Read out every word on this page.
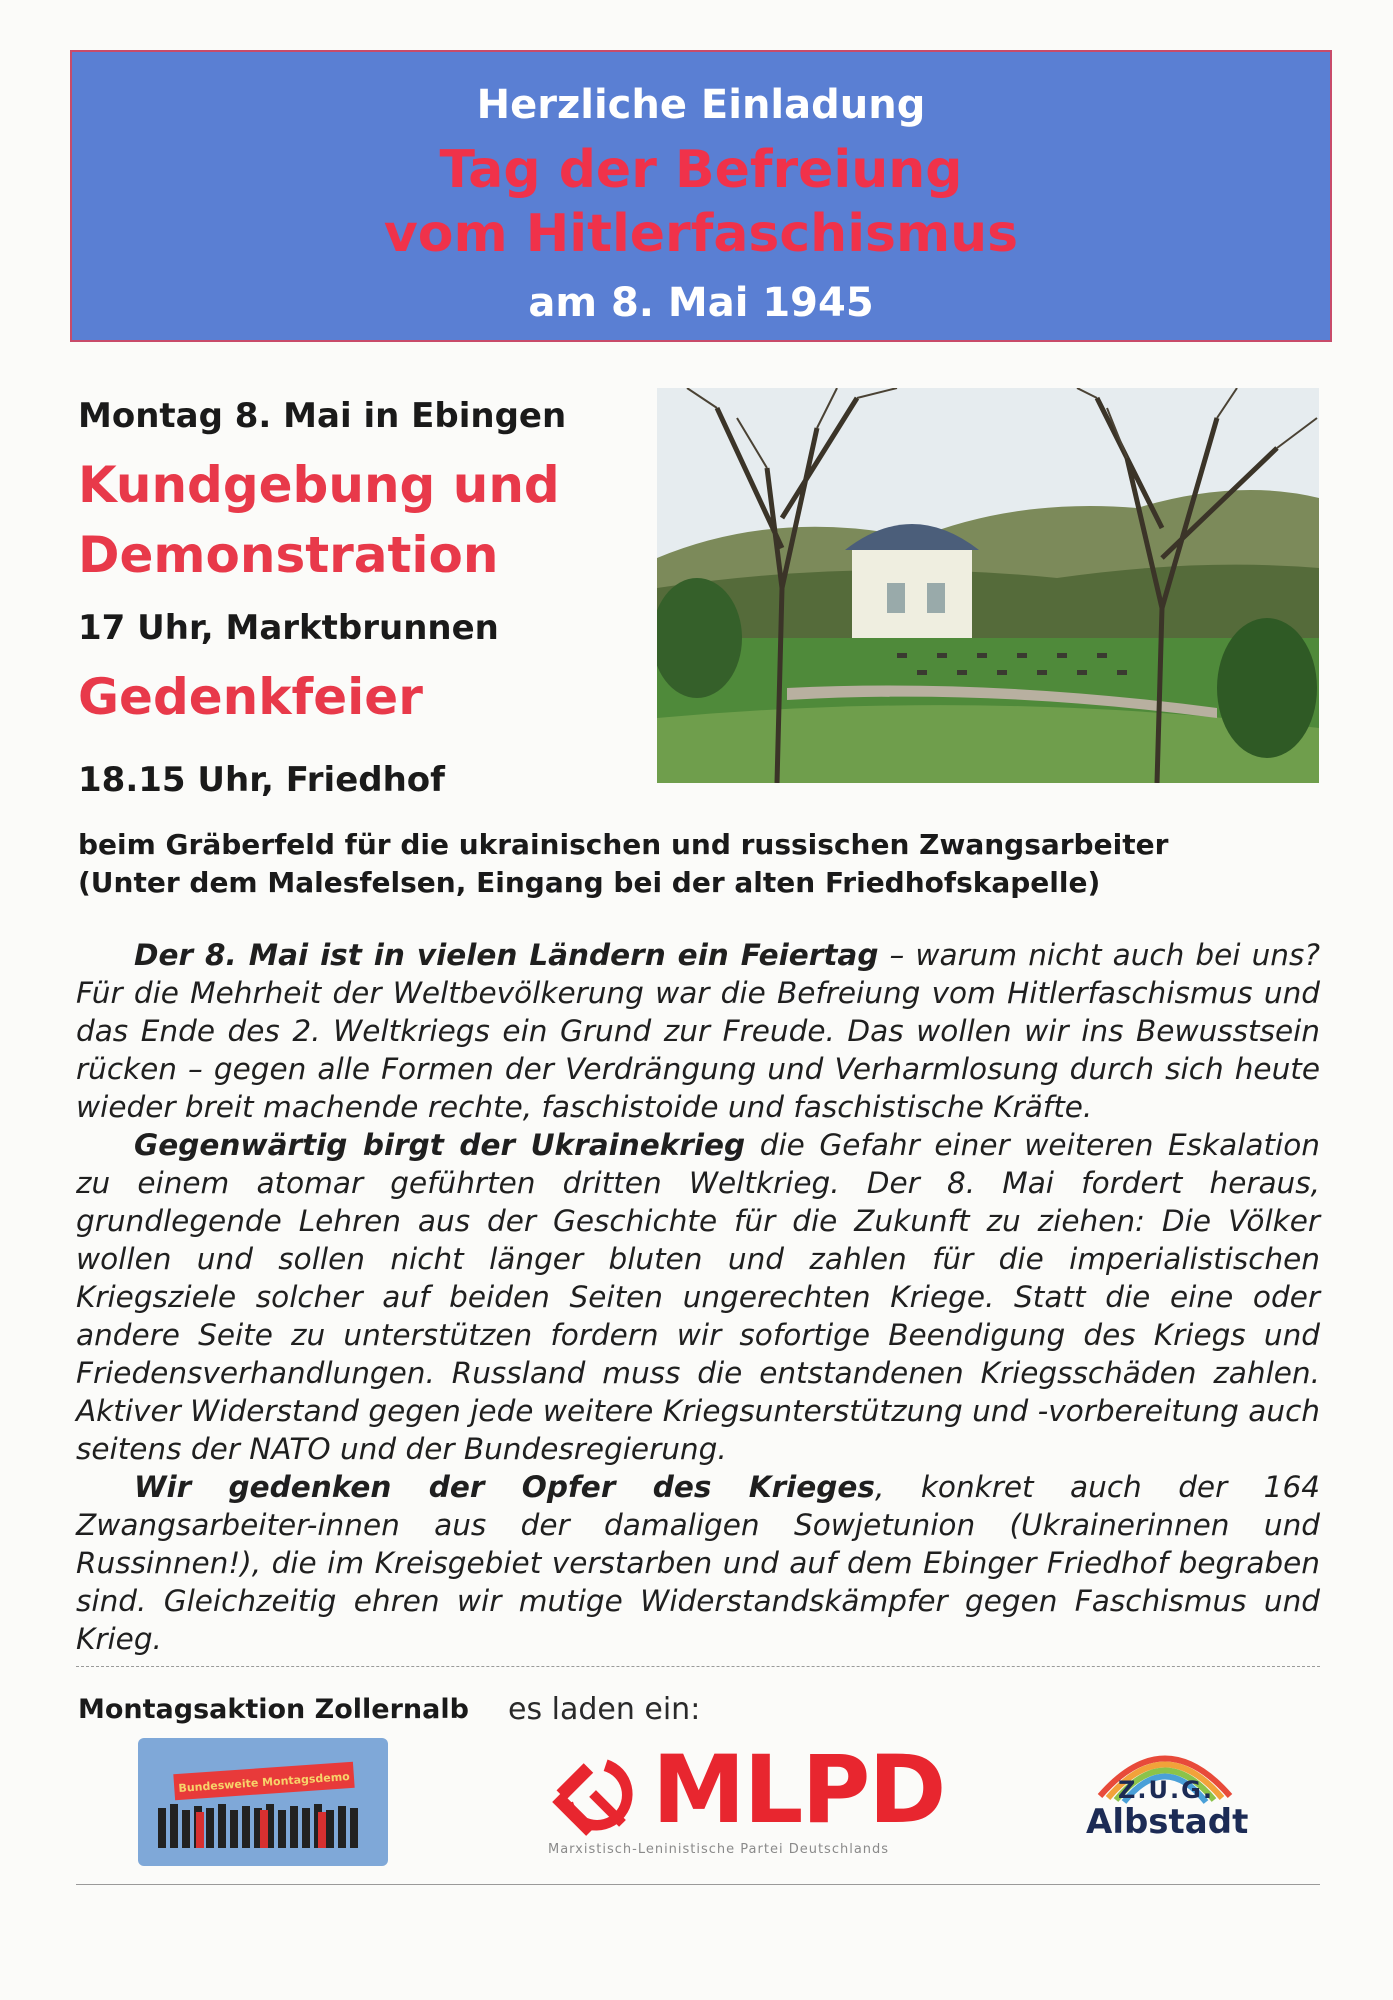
Herzliche Einladung
Tag der Befreiung
vom Hitlerfaschismus
am 8. Mai 1945
Montag 8. Mai in Ebingen
Kundgebung und
Demonstration
17 Uhr, Marktbrunnen
Gedenkfeier
18.15 Uhr, Friedhof
beim Gräberfeld für die ukrainischen und russischen Zwangsarbeiter
(Unter dem Malesfelsen, Eingang bei der alten Friedhofskapelle)

Der 8. Mai ist in vielen Ländern ein Feiertag – warum nicht auch bei uns? Für die Mehrheit der Weltbevölkerung war die Befreiung vom Hitlerfaschismus und das Ende des 2. Weltkriegs ein Grund zur Freude. Das wollen wir ins Bewusstsein rücken – gegen alle Formen der Verdrängung und Verharmlosung durch sich heute wieder breit machende rechte, faschistoide und faschistische Kräfte.

Gegenwärtig birgt der Ukrainekrieg die Gefahr einer weiteren Eskalation zu einem atomar geführten dritten Weltkrieg. Der 8. Mai fordert heraus, grundlegende Lehren aus der Geschichte für die Zukunft zu ziehen: Die Völker wollen und sollen nicht länger bluten und zahlen für die imperialistischen Kriegsziele solcher auf beiden Seiten ungerechten Kriege. Statt die eine oder andere Seite zu unterstützen fordern wir sofortige Beendigung des Kriegs und Friedensverhandlungen. Russland muss die entstandenen Kriegsschäden zahlen. Aktiver Widerstand gegen jede weitere Kriegsunterstützung und -vorbereitung auch seitens der NATO und der Bundesregierung.

Wir gedenken der Opfer des Krieges, konkret auch der 164 Zwangsarbeiter-innen aus der damaligen Sowjetunion (Ukrainerinnen und Russinnen!), die im Kreisgebiet verstarben und auf dem Ebinger Friedhof begraben sind. Gleichzeitig ehren wir mutige Widerstandskämpfer gegen Faschismus und Krieg.

Montagsaktion Zollernalb es laden ein:
Bundesweite Montagsdemo	MLPD
Marxistisch-Leninistische Partei Deutschlands
Z.U.G.
Albstadt
